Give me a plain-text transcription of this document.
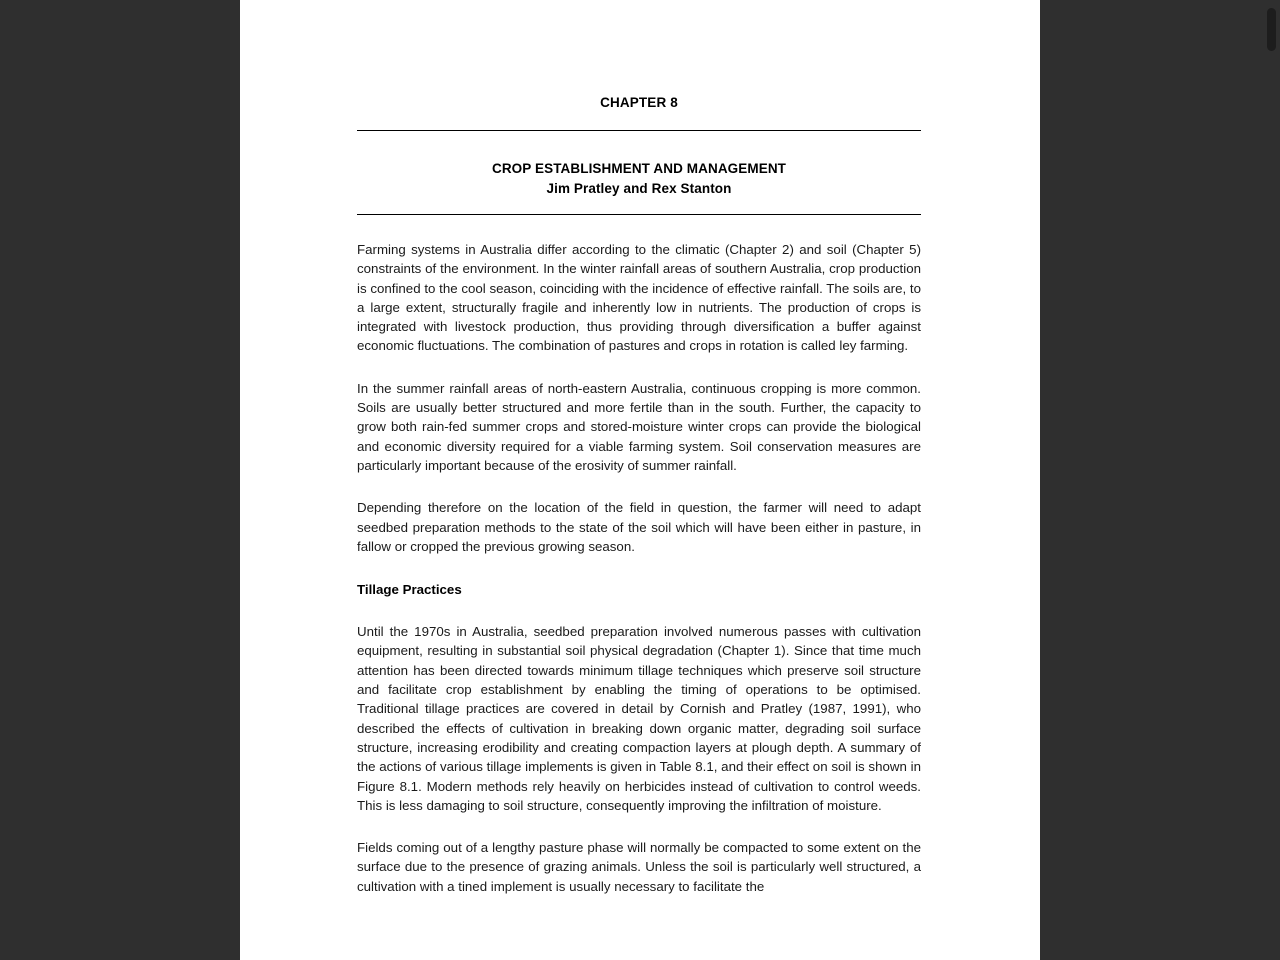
CHAPTER 8
CROP ESTABLISHMENT AND MANAGEMENT
Jim Pratley and Rex Stanton

Farming systems in Australia differ according to the climatic (Chapter 2) and soil (Chapter 5) constraints of the environment. In the winter rainfall areas of southern Australia, crop production is confined to the cool season, coinciding with the incidence of effective rainfall. The soils are, to a large extent, structurally fragile and inherently low in nutrients. The production of crops is integrated with livestock production, thus providing through diversification a buffer against economic fluctuations. The combination of pastures and crops in rotation is called ley farming.

In the summer rainfall areas of north-eastern Australia, continuous cropping is more common. Soils are usually better structured and more fertile than in the south. Further, the capacity to grow both rain-fed summer crops and stored-moisture winter crops can provide the biological and economic diversity required for a viable farming system. Soil conservation measures are particularly important because of the erosivity of summer rainfall.

Depending therefore on the location of the field in question, the farmer will need to adapt seedbed preparation methods to the state of the soil which will have been either in pasture, in fallow or cropped the previous growing season.

Tillage Practices

Until the 1970s in Australia, seedbed preparation involved numerous passes with cultivation equipment, resulting in substantial soil physical degradation (Chapter 1). Since that time much attention has been directed towards minimum tillage techniques which preserve soil structure and facilitate crop establishment by enabling the timing of operations to be optimised. Traditional tillage practices are covered in detail by Cornish and Pratley (1987, 1991), who described the effects of cultivation in breaking down organic matter, degrading soil surface structure, increasing erodibility and creating compaction layers at plough depth. A summary of the actions of various tillage implements is given in Table 8.1, and their effect on soil is shown in Figure 8.1. Modern methods rely heavily on herbicides instead of cultivation to control weeds. This is less damaging to soil structure, consequently improving the infiltration of moisture.

Fields coming out of a lengthy pasture phase will normally be compacted to some extent on the surface due to the presence of grazing animals. Unless the soil is particularly well structured, a cultivation with a tined implement is usually necessary to facilitate the
